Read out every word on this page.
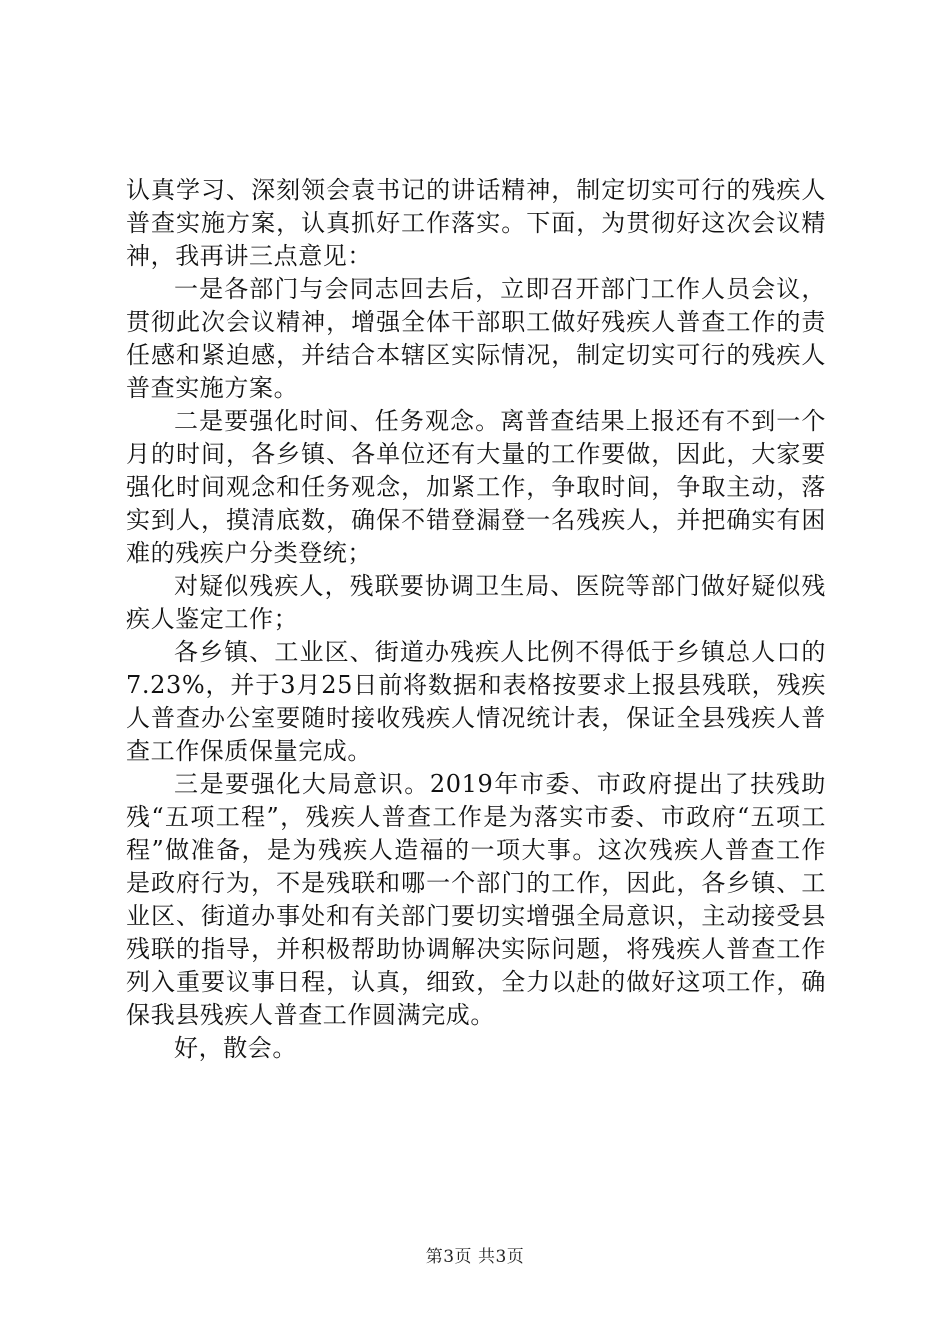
认真学习、深刻领会袁书记的讲话精神，制定切实可行的残疾人普查实施方案，认真抓好工作落实。下面，为贯彻好这次会议精神，我再讲三点意见：

一是各部门与会同志回去后，立即召开部门工作人员会议，贯彻此次会议精神，增强全体干部职工做好残疾人普查工作的责任感和紧迫感，并结合本辖区实际情况，制定切实可行的残疾人普查实施方案。

二是要强化时间、任务观念。离普查结果上报还有不到一个月的时间，各乡镇、各单位还有大量的工作要做，因此，大家要强化时间观念和任务观念，加紧工作，争取时间，争取主动，落实到人，摸清底数，确保不错登漏登一名残疾人，并把确实有困难的残疾户分类登统；

对疑似残疾人，残联要协调卫生局、医院等部门做好疑似残疾人鉴定工作；

各乡镇、工业区、街道办残疾人比例不得低于乡镇总人口的7.23%，并于3月25日前将数据和表格按要求上报县残联，残疾人普查办公室要随时接收残疾人情况统计表，保证全县残疾人普查工作保质保量完成。

三是要强化大局意识。2019年市委、市政府提出了扶残助残“五项工程”，残疾人普查工作是为落实市委、市政府“五项工程”做准备，是为残疾人造福的一项大事。这次残疾人普查工作是政府行为，不是残联和哪一个部门的工作，因此，各乡镇、工业区、街道办事处和有关部门要切实增强全局意识，主动接受县残联的指导，并积极帮助协调解决实际问题，将残疾人普查工作列入重要议事日程，认真，细致，全力以赴的做好这项工作，确保我县残疾人普查工作圆满完成。

好，散会。

第3页 共3页
